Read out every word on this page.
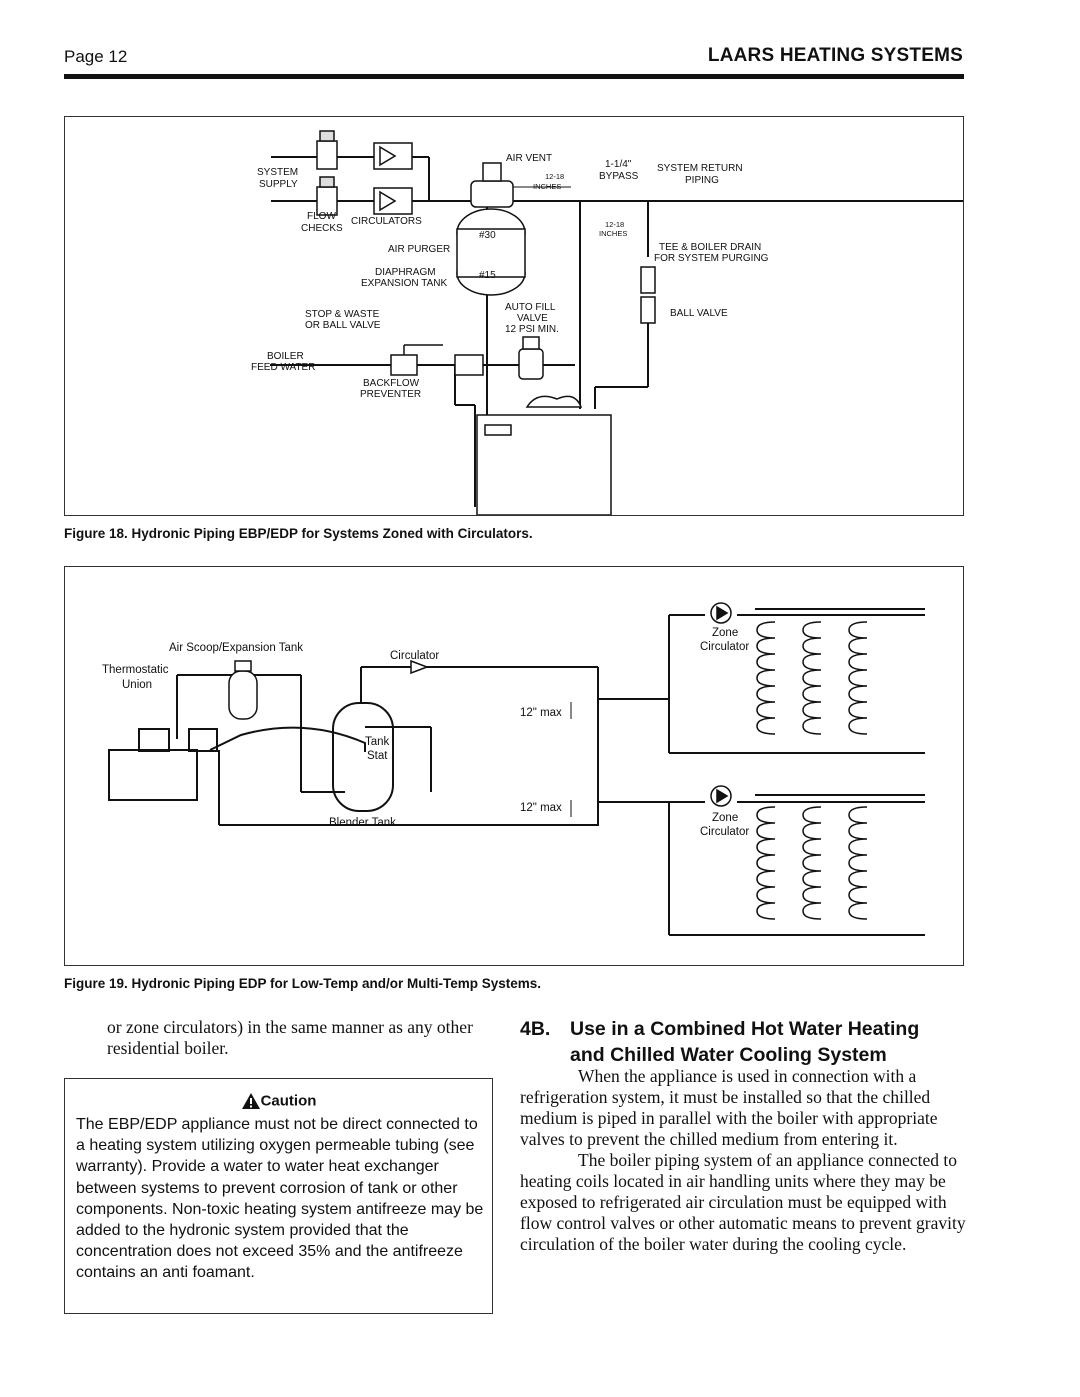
Page 12	LAARS HEATING SYSTEMS
#30
#15
SYSTEM
SUPPLY
FLOW
CHECKS
CIRCULATORS
AIR VENT
12-18
INCHES
1-1/4"
BYPASS
SYSTEM RETURN
PIPING
12-18
INCHES
AIR PURGER
DIAPHRAGM
EXPANSION TANK
TEE & BOILER DRAIN
FOR SYSTEM PURGING
STOP & WASTE
OR BALL VALVE
AUTO FILL
VALVE
12 PSI MIN.
BALL VALVE
BOILER
FEED WATER
BACKFLOW
PREVENTER
Figure 18. Hydronic Piping EBP/EDP for Systems Zoned with Circulators.
Air Scoop/Expansion Tank
Circulator
Thermostatic
Union
Tank
Stat
Blender Tank
12" max
12" max
Zone
Circulator
Zone
Circulator
Figure 19. Hydronic Piping EDP for Low-Temp and/or Multi-Temp Systems.
or zone circulators) in the same manner as any other residential boiler.
Caution
The EBP/EDP appliance must not be direct connected to a heating system utilizing oxygen permeable tubing (see warranty). Provide a water to water heat exchanger between systems to prevent corrosion of tank or other components. Non-toxic heating system antifreeze may be added to the hydronic system provided that the concentration does not exceed 35% and the antifreeze contains an anti foamant.
4B. Use in a Combined Hot Water Heating
and Chilled Water Cooling System

When the appliance is used in connection with a refrigeration system, it must be installed so that the chilled medium is piped in parallel with the boiler with appropriate valves to prevent the chilled medium from entering it.

The boiler piping system of an appliance connected to heating coils located in air handling units where they may be exposed to refrigerated air circulation must be equipped with flow control valves or other automatic means to prevent gravity circulation of the boiler water during the cooling cycle.
